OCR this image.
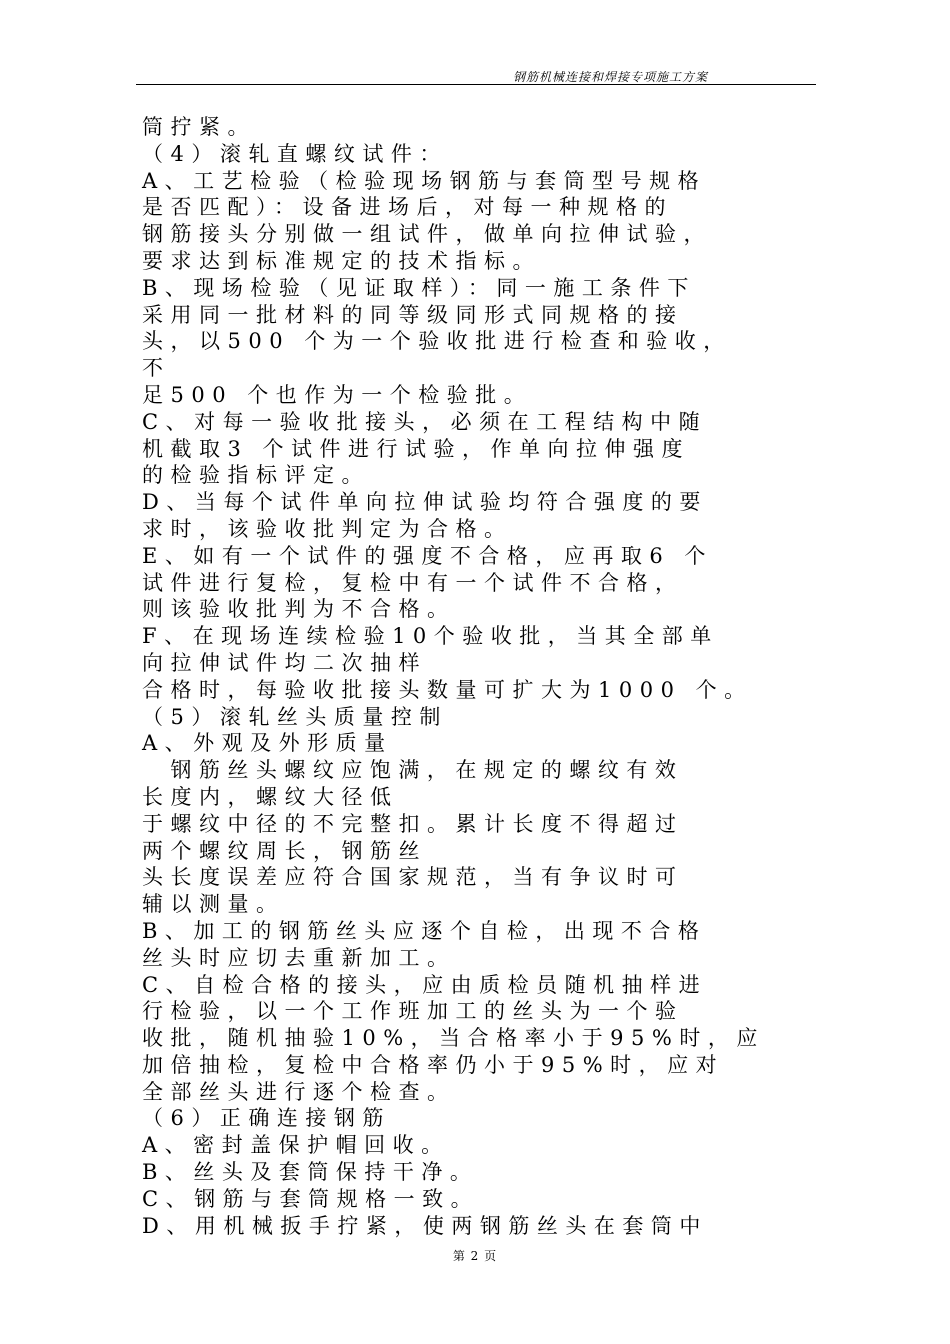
钢筋机械连接和焊接专项施工方案
筒拧紧。
（4）滚轧直螺纹试件：
A、工艺检验（检验现场钢筋与套筒型号规格
是否匹配）：设备进场后，对每一种规格的
钢筋接头分别做一组试件，做单向拉伸试验，
要求达到标准规定的技术指标。
B、现场检验（见证取样）：同一施工条件下
采用同一批材料的同等级同形式同规格的接
头，以500 个为一个验收批进行检查和验收，
不
足500 个也作为一个检验批。
C、对每一验收批接头，必须在工程结构中随
机截取3 个试件进行试验，作单向拉伸强度
的检验指标评定。
D、当每个试件单向拉伸试验均符合强度的要
求时，该验收批判定为合格。
E、如有一个试件的强度不合格，应再取6 个
试件进行复检，复检中有一个试件不合格，
则该验收批判为不合格。
F、在现场连续检验10个验收批，当其全部单
向拉伸试件均二次抽样
合格时，每验收批接头数量可扩大为1000 个。
（5）滚轧丝头质量控制
A、外观及外形质量
钢筋丝头螺纹应饱满，在规定的螺纹有效
长度内，螺纹大径低
于螺纹中径的不完整扣。累计长度不得超过
两个螺纹周长，钢筋丝
头长度误差应符合国家规范，当有争议时可
辅以测量。
B、加工的钢筋丝头应逐个自检，出现不合格
丝头时应切去重新加工。
C、自检合格的接头，应由质检员随机抽样进
行检验，以一个工作班加工的丝头为一个验
收批，随机抽验10%，当合格率小于95%时，应
加倍抽检，复检中合格率仍小于95%时，应对
全部丝头进行逐个检查。
（6）正确连接钢筋
A、密封盖保护帽回收。
B、丝头及套筒保持干净。
C、钢筋与套筒规格一致。
D、用机械扳手拧紧，使两钢筋丝头在套筒中
第 2 页
